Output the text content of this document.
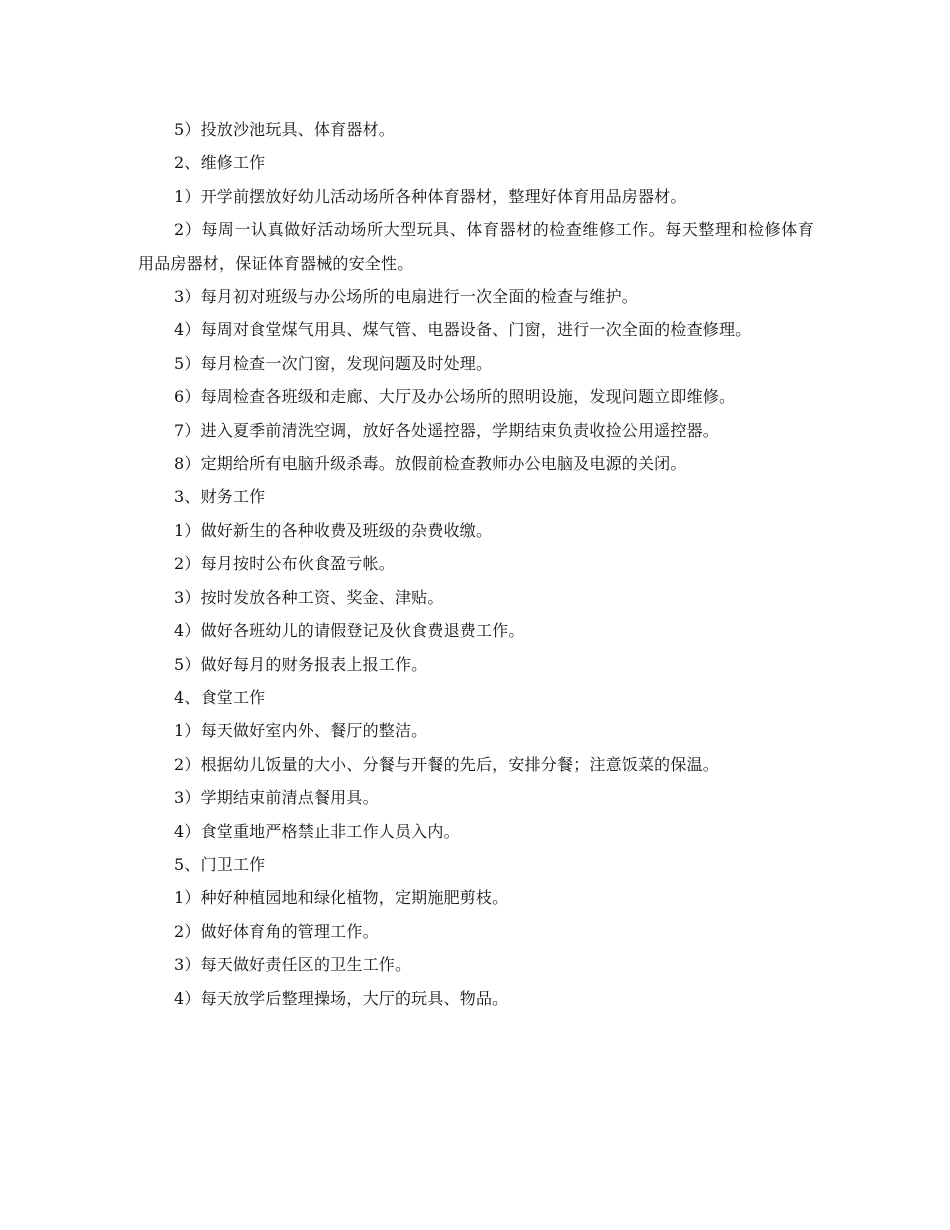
5）投放沙池玩具、体育器材。

2、维修工作

1）开学前摆放好幼儿活动场所各种体育器材，整理好体育用品房器材。

2）每周一认真做好活动场所大型玩具、体育器材的检查维修工作。每天整理和检修体育用品房器材，保证体育器械的安全性。

3）每月初对班级与办公场所的电扇进行一次全面的检查与维护。

4）每周对食堂煤气用具、煤气管、电器设备、门窗，进行一次全面的检查修理。

5）每月检查一次门窗，发现问题及时处理。

6）每周检查各班级和走廊、大厅及办公场所的照明设施，发现问题立即维修。

7）进入夏季前清洗空调，放好各处遥控器，学期结束负责收捡公用遥控器。

8）定期给所有电脑升级杀毒。放假前检查教师办公电脑及电源的关闭。

3、财务工作

1）做好新生的各种收费及班级的杂费收缴。

2）每月按时公布伙食盈亏帐。

3）按时发放各种工资、奖金、津贴。

4）做好各班幼儿的请假登记及伙食费退费工作。

5）做好每月的财务报表上报工作。

4、食堂工作

1）每天做好室内外、餐厅的整洁。

2）根据幼儿饭量的大小、分餐与开餐的先后，安排分餐；注意饭菜的保温。

3）学期结束前清点餐用具。

4）食堂重地严格禁止非工作人员入内。

5、门卫工作

1）种好种植园地和绿化植物，定期施肥剪枝。

2）做好体育角的管理工作。

3）每天做好责任区的卫生工作。

4）每天放学后整理操场，大厅的玩具、物品。
